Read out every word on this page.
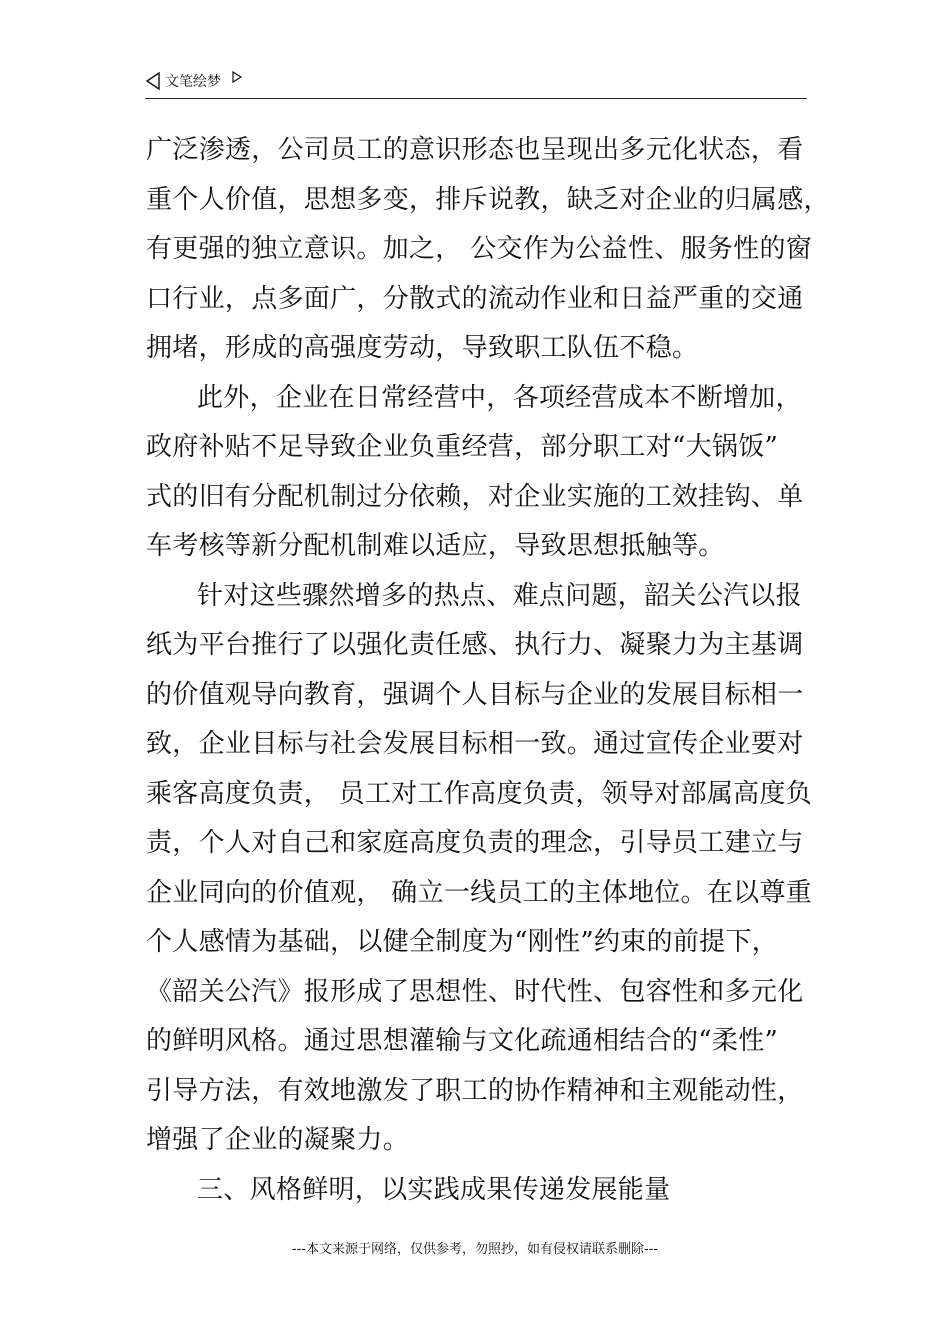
文笔绘梦
广泛渗透，公司员工的意识形态也呈现出多元化状态，看
重个人价值，思想多变，排斥说教，缺乏对企业的归属感，
有更强的独立意识。加之， 公交作为公益性、服务性的窗
口行业，点多面广，分散式的流动作业和日益严重的交通
拥堵，形成的高强度劳动，导致职工队伍不稳。
此外，企业在日常经营中，各项经营成本不断增加，
政府补贴不足导致企业负重经营，部分职工对“大锅饭”
式的旧有分配机制过分依赖，对企业实施的工效挂钩、单
车考核等新分配机制难以适应，导致思想抵触等。
针对这些骤然增多的热点、难点问题，韶关公汽以报
纸为平台推行了以强化责任感、执行力、凝聚力为主基调
的价值观导向教育，强调个人目标与企业的发展目标相一
致，企业目标与社会发展目标相一致。通过宣传企业要对
乘客高度负责， 员工对工作高度负责，领导对部属高度负
责，个人对自己和家庭高度负责的理念，引导员工建立与
企业同向的价值观， 确立一线员工的主体地位。在以尊重
个人感情为基础，以健全制度为“刚性”约束的前提下，
《韶关公汽》报形成了思想性、时代性、包容性和多元化
的鲜明风格。通过思想灌输与文化疏通相结合的“柔性”
引导方法，有效地激发了职工的协作精神和主观能动性，
增强了企业的凝聚力。
三、风格鲜明，以实践成果传递发展能量
---本文来源于网络，仅供参考，勿照抄，如有侵权请联系删除---
